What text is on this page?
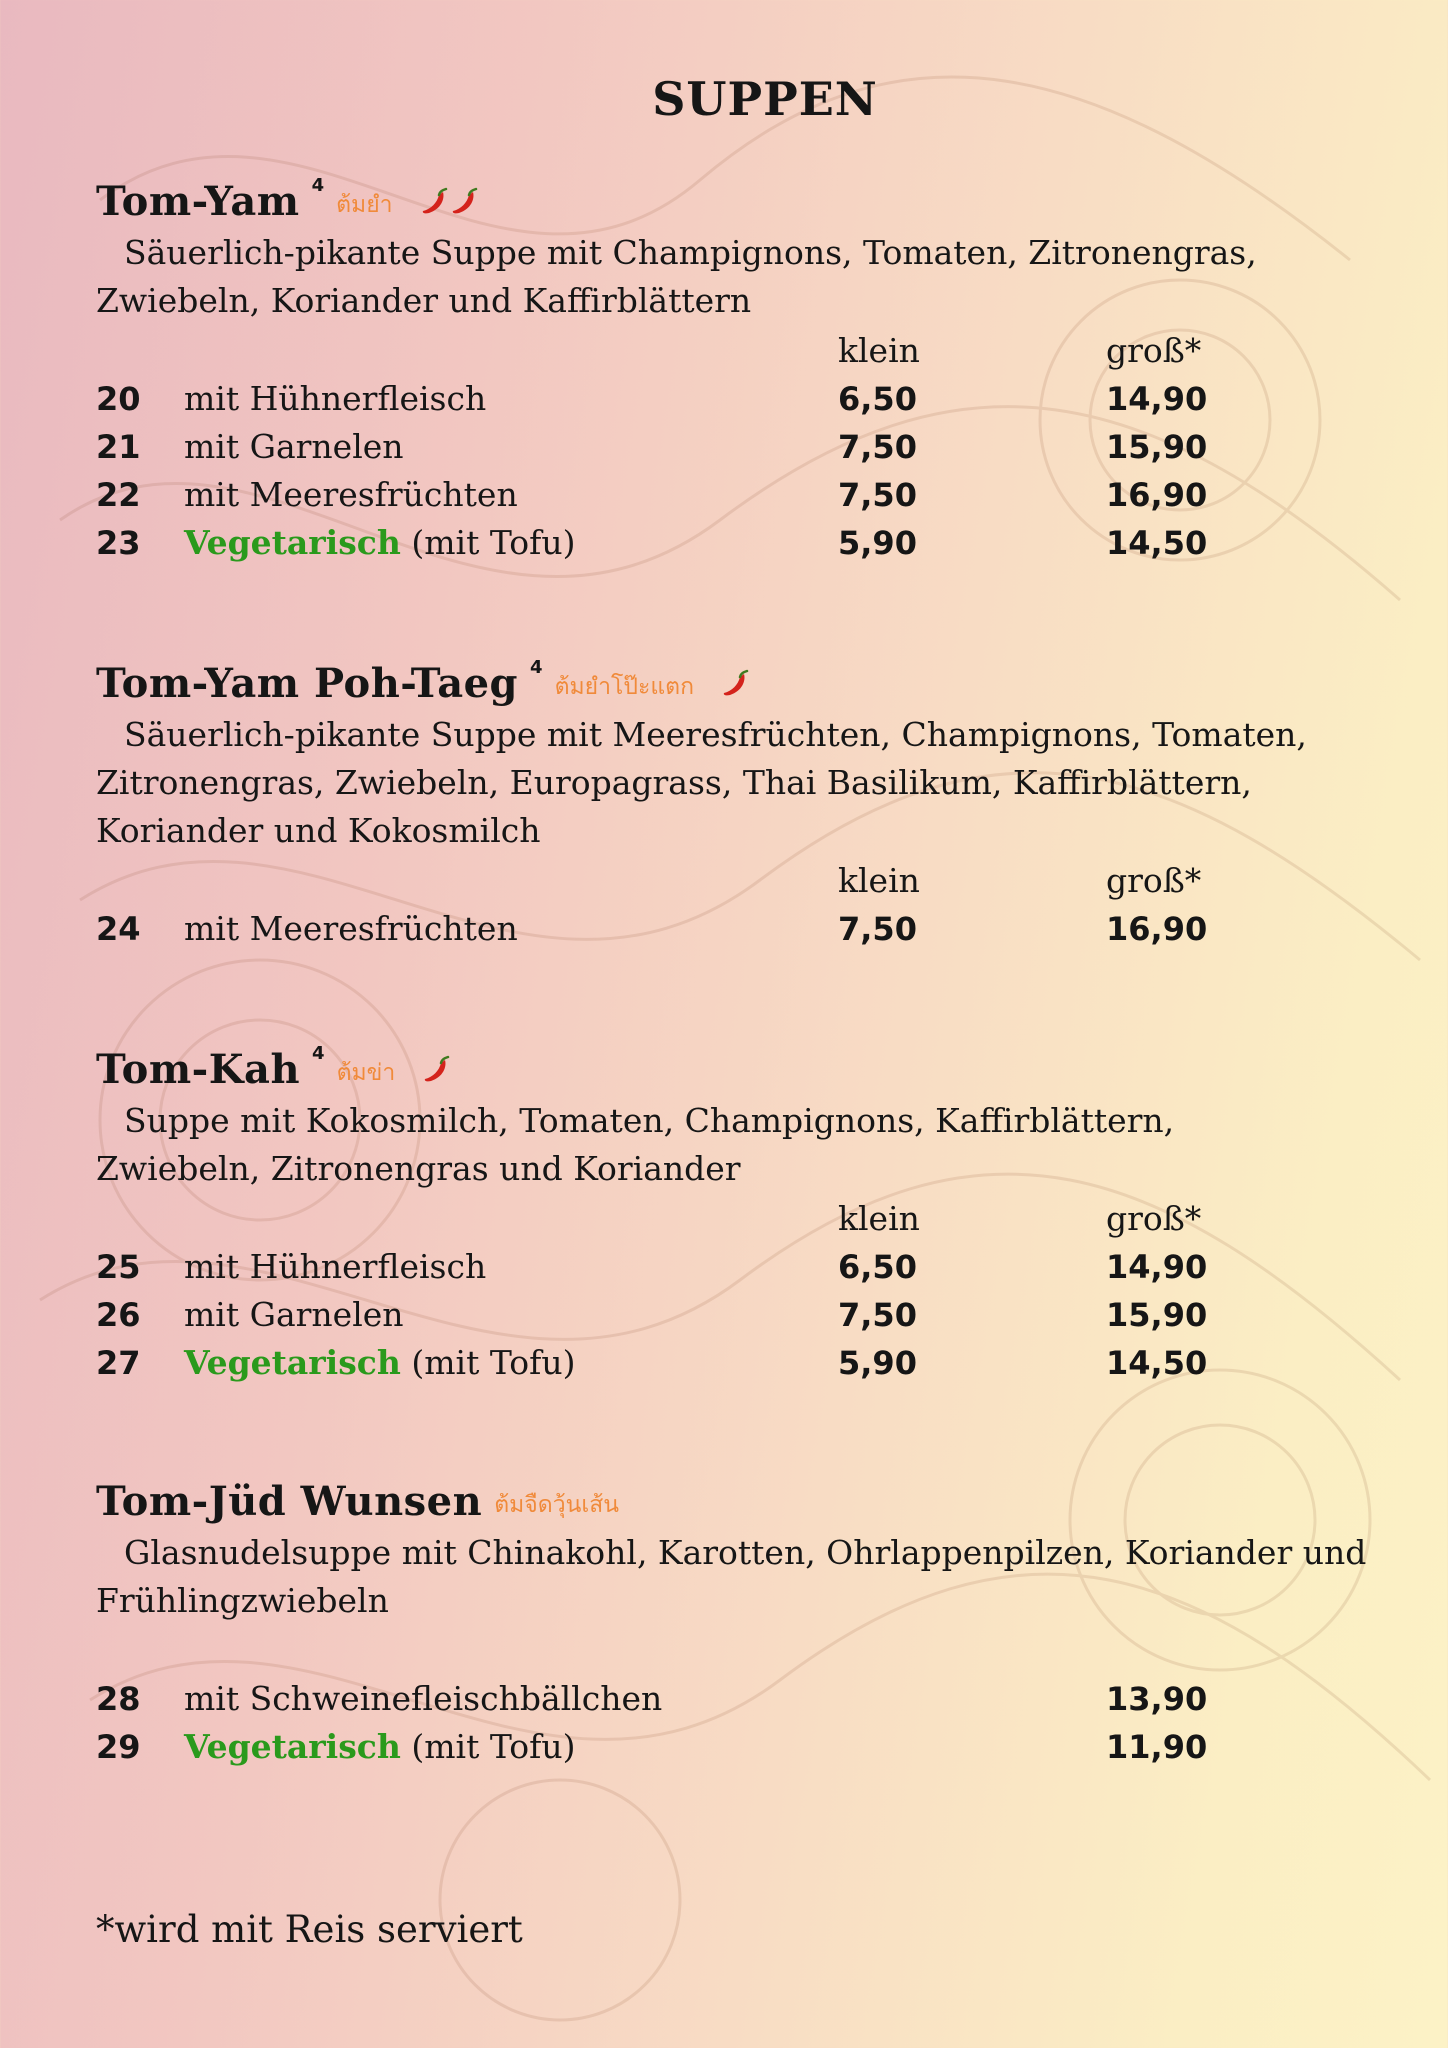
SUPPEN
Tom-Yam 4
ต้มยำ
Säuerlich-pikante Suppe mit Champignons, Tomaten, Zitronengras,
Zwiebeln, Koriander und Kaffirblättern
klein	groß*
20 mit Hühnerfleisch	6,50	14,90
21 mit Garnelen	7,50	15,90
22 mit Meeresfrüchten	7,50	16,90
23 Vegetarisch (mit Tofu)	5,90	14,50
Tom-Yam Poh-Taeg 4
ต้มยำโป๊ะแตก
Säuerlich-pikante Suppe mit Meeresfrüchten, Champignons, Tomaten,
Zitronengras, Zwiebeln, Europagrass, Thai Basilikum, Kaffirblättern,
Koriander und Kokosmilch
klein	groß*
24 mit Meeresfrüchten	7,50	16,90
Tom-Kah 4
ต้มข่า
Suppe mit Kokosmilch, Tomaten, Champignons, Kaffirblättern,
Zwiebeln, Zitronengras und Koriander
klein	groß*
25 mit Hühnerfleisch	6,50	14,90
26 mit Garnelen	7,50	15,90
27 Vegetarisch (mit Tofu)	5,90	14,50
Tom-Jüd Wunsen ต้มจืดวุ้นเส้น
Glasnudelsuppe mit Chinakohl, Karotten, Ohrlappenpilzen, Koriander und
Frühlingzwiebeln
28 mit Schweinefleischbällchen	13,90
29 Vegetarisch (mit Tofu)	11,90
*wird mit Reis serviert
